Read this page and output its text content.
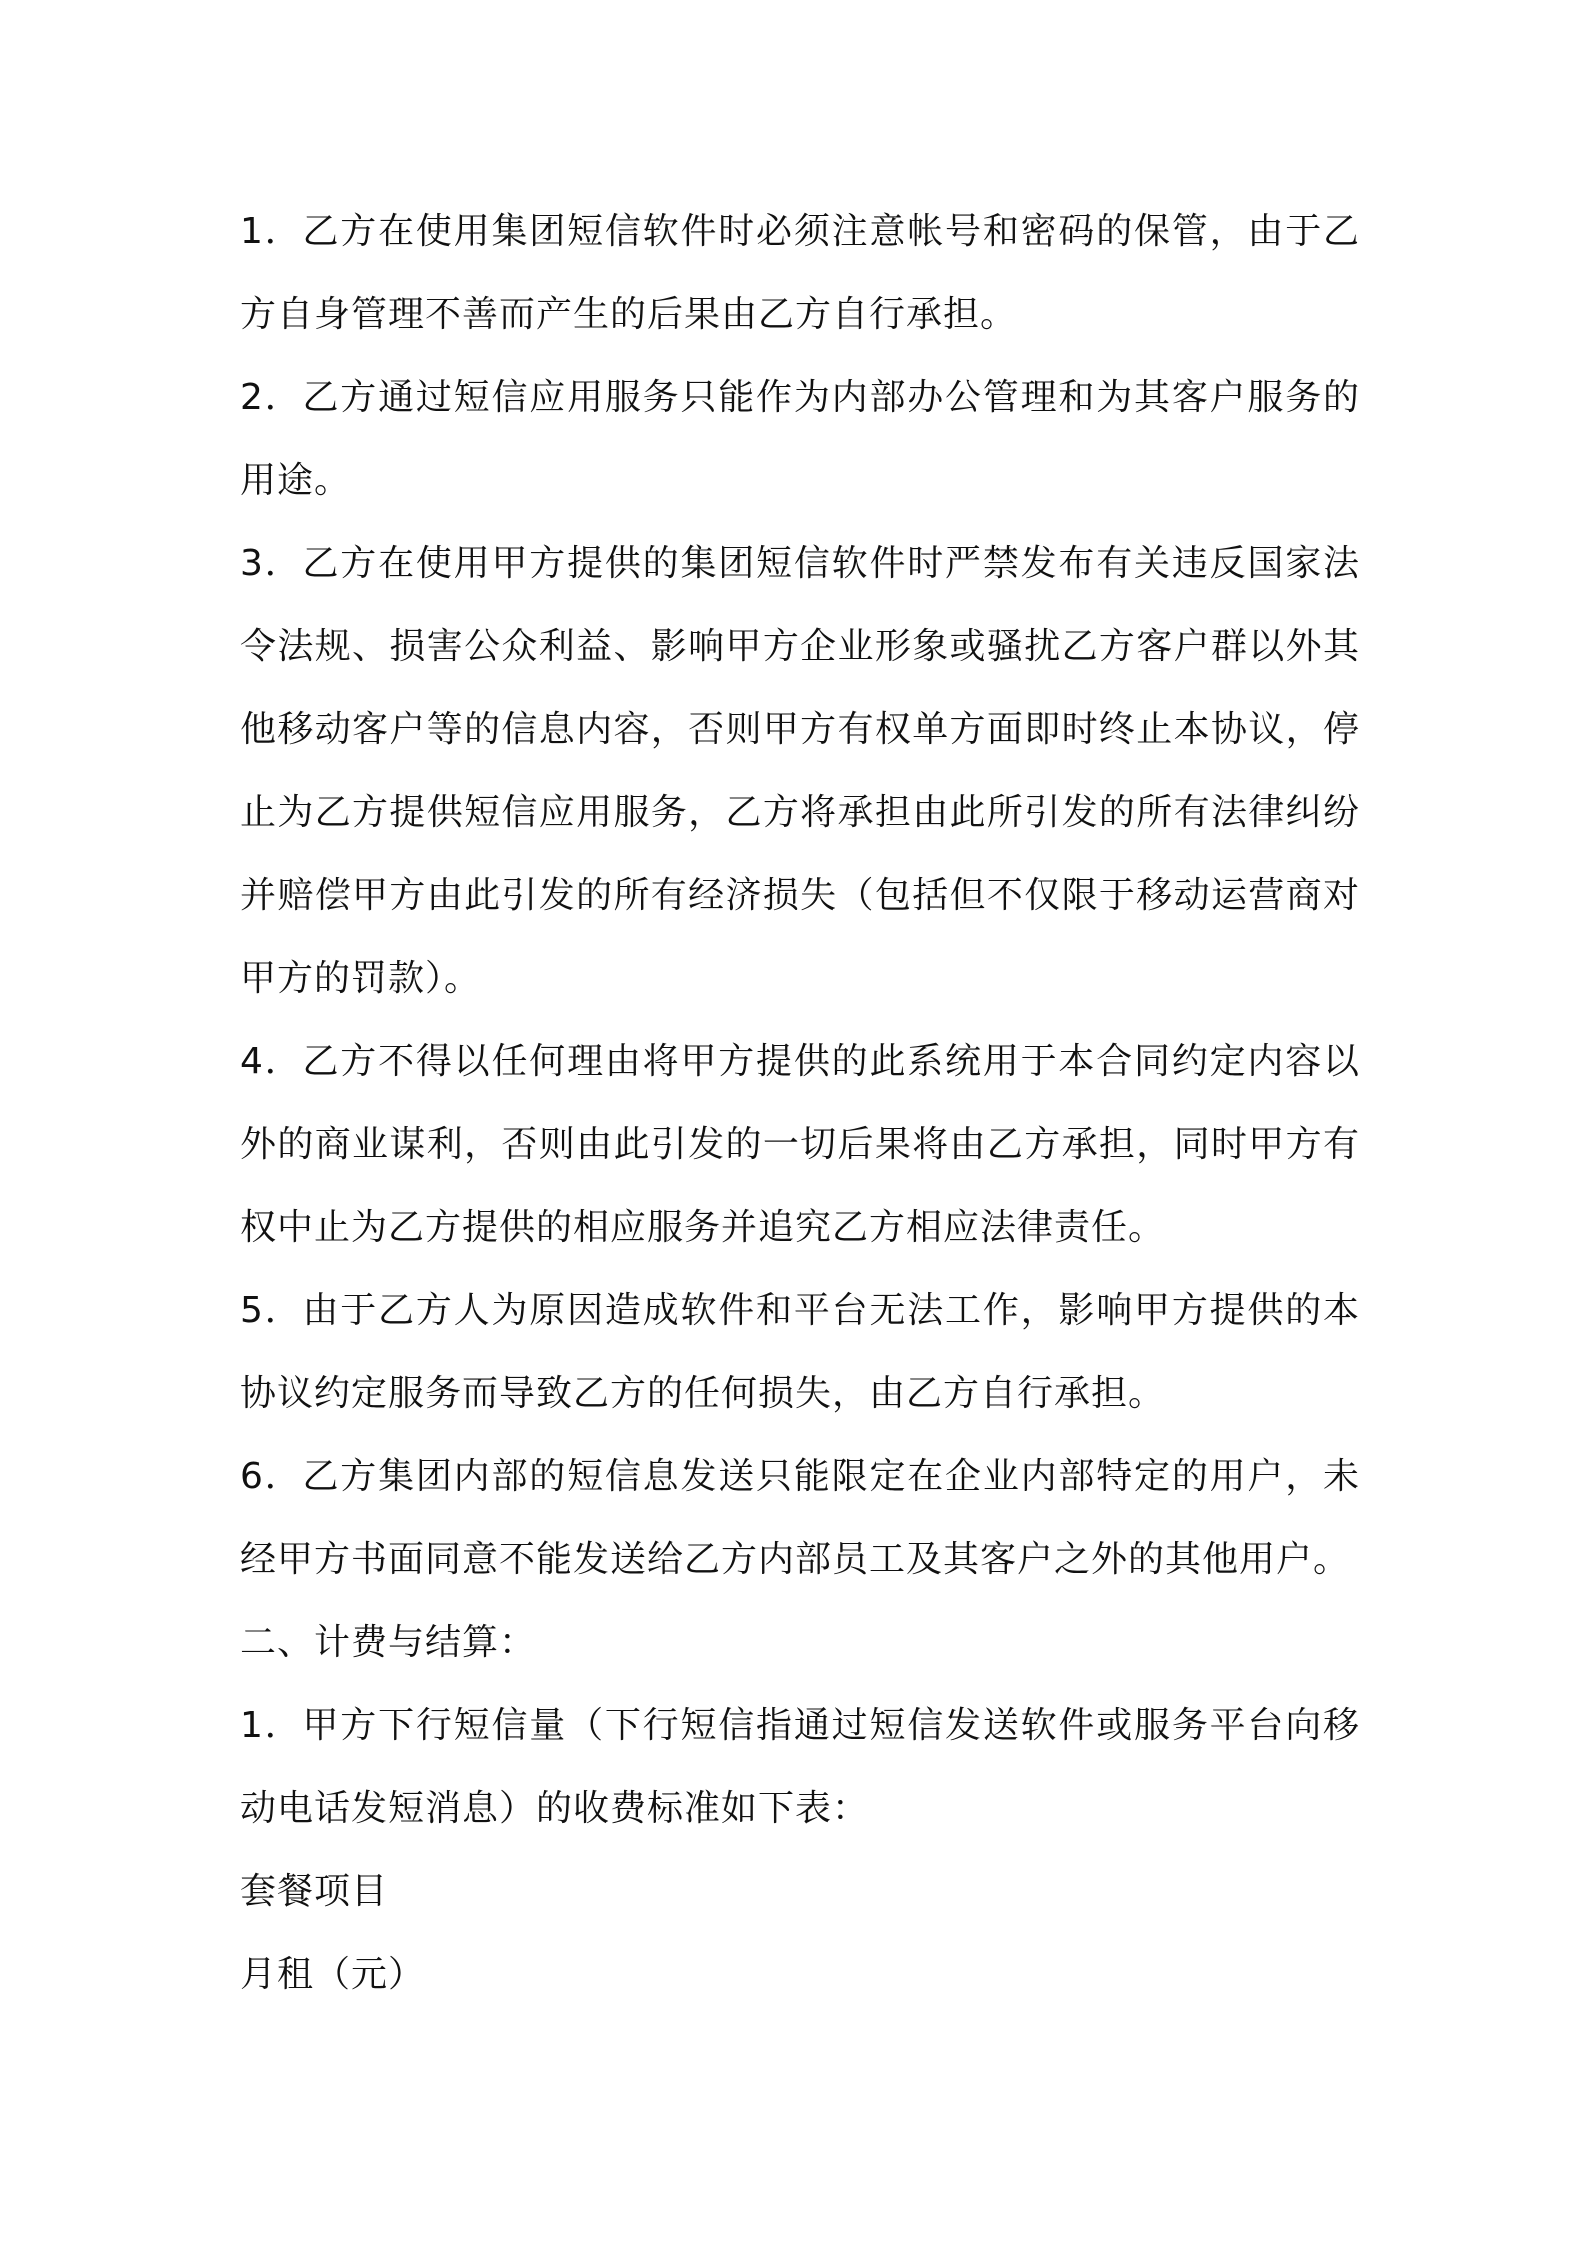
1．乙方在使用集团短信软件时必须注意帐号和密码的保管，由于乙方自身管理不善而产生的后果由乙方自行承担。

2．乙方通过短信应用服务只能作为内部办公管理和为其客户服务的用途。

3．乙方在使用甲方提供的集团短信软件时严禁发布有关违反国家法令法规、损害公众利益、影响甲方企业形象或骚扰乙方客户群以外其他移动客户等的信息内容，否则甲方有权单方面即时终止本协议，停止为乙方提供短信应用服务，乙方将承担由此所引发的所有法律纠纷并赔偿甲方由此引发的所有经济损失（包括但不仅限于移动运营商对甲方的罚款）。

4．乙方不得以任何理由将甲方提供的此系统用于本合同约定内容以外的商业谋利，否则由此引发的一切后果将由乙方承担，同时甲方有权中止为乙方提供的相应服务并追究乙方相应法律责任。

5．由于乙方人为原因造成软件和平台无法工作，影响甲方提供的本协议约定服务而导致乙方的任何损失，由乙方自行承担。

6．乙方集团内部的短信息发送只能限定在企业内部特定的用户，未经甲方书面同意不能发送给乙方内部员工及其客户之外的其他用户。

二、计费与结算：

1．甲方下行短信量（下行短信指通过短信发送软件或服务平台向移动电话发短消息）的收费标准如下表：

套餐项目

月租（元）
